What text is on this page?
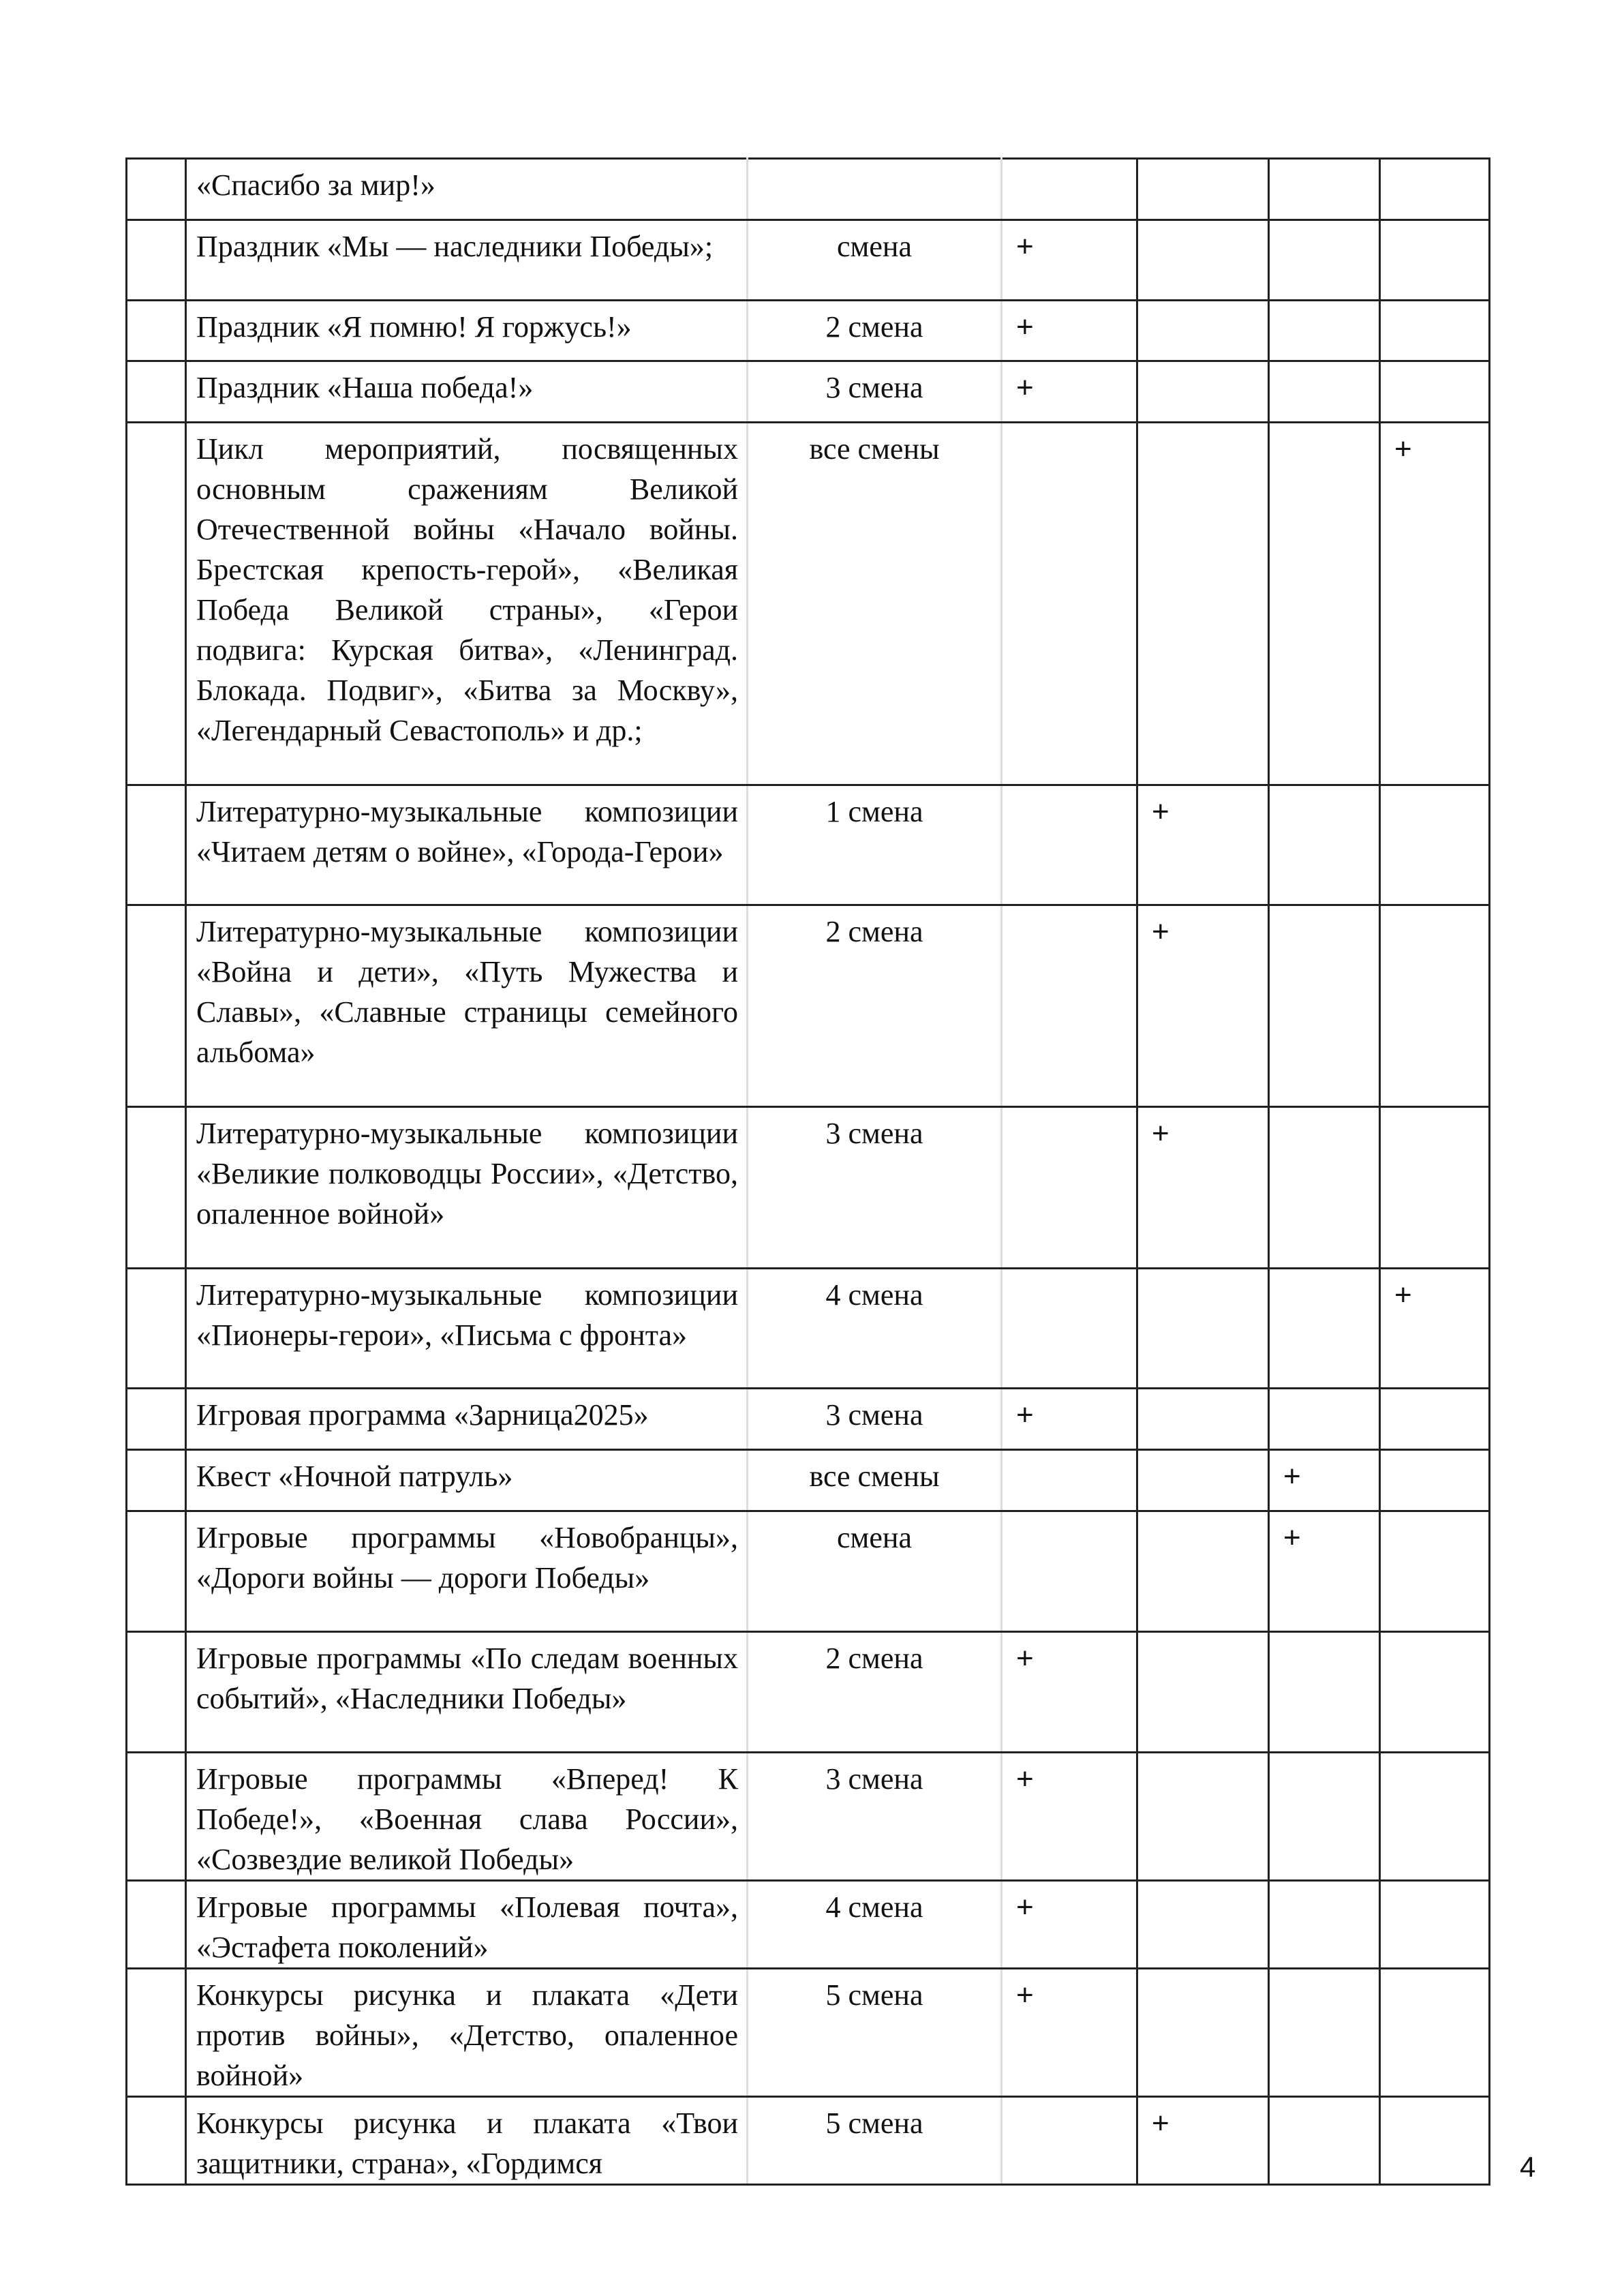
	«Спасибо за мир!»					

	Праздник «Мы — наследники Победы»;	смена	+			

	Праздник «Я помню! Я горжусь!»	2 смена	+			

	Праздник «Наша победа!»	3 смена	+			

	Цикл мероприятий, посвященных основным сражениям Великой Отечественной войны «Начало войны. Брестская крепость-герой», «Великая Победа Великой страны», «Герои подвига: Курская битва», «Ленинград. Блокада. Подвиг», «Битва за Москву», «Легендарный Севастополь» и др.;	все смены				+

	Литературно-музыкальные композиции «Читаем детям о войне», «Города-Герои»	1 смена		+		

	Литературно-музыкальные композиции «Война и дети», «Путь Мужества и Славы», «Славные страницы семейного альбома»	2 смена		+		

	Литературно-музыкальные композиции «Великие полководцы России», «Детство, опаленное войной»	3 смена		+		

	Литературно-музыкальные композиции «Пионеры-герои», «Письма с фронта»	4 смена				+

	Игровая программа «Зарница2025»	3 смена	+			

	Квест «Ночной патруль»	все смены			+	

	Игровые программы «Новобранцы», «Дороги войны — дороги Победы»	смена			+	

	Игровые программы «По следам военных событий», «Наследники Победы»	2 смена	+			

	Игровые программы «Вперед! К Победе!», «Военная слава России», «Созвездие великой Победы»	3 смена	+			

	Игровые программы «Полевая почта», «Эстафета поколений»	4 смена	+			

	Конкурсы рисунка и плаката «Дети против войны», «Детство, опаленное войной»	5 смена	+			

	Конкурсы рисунка и плаката «Твои защитники, страна», «Гордимся	5 смена		+		
4
